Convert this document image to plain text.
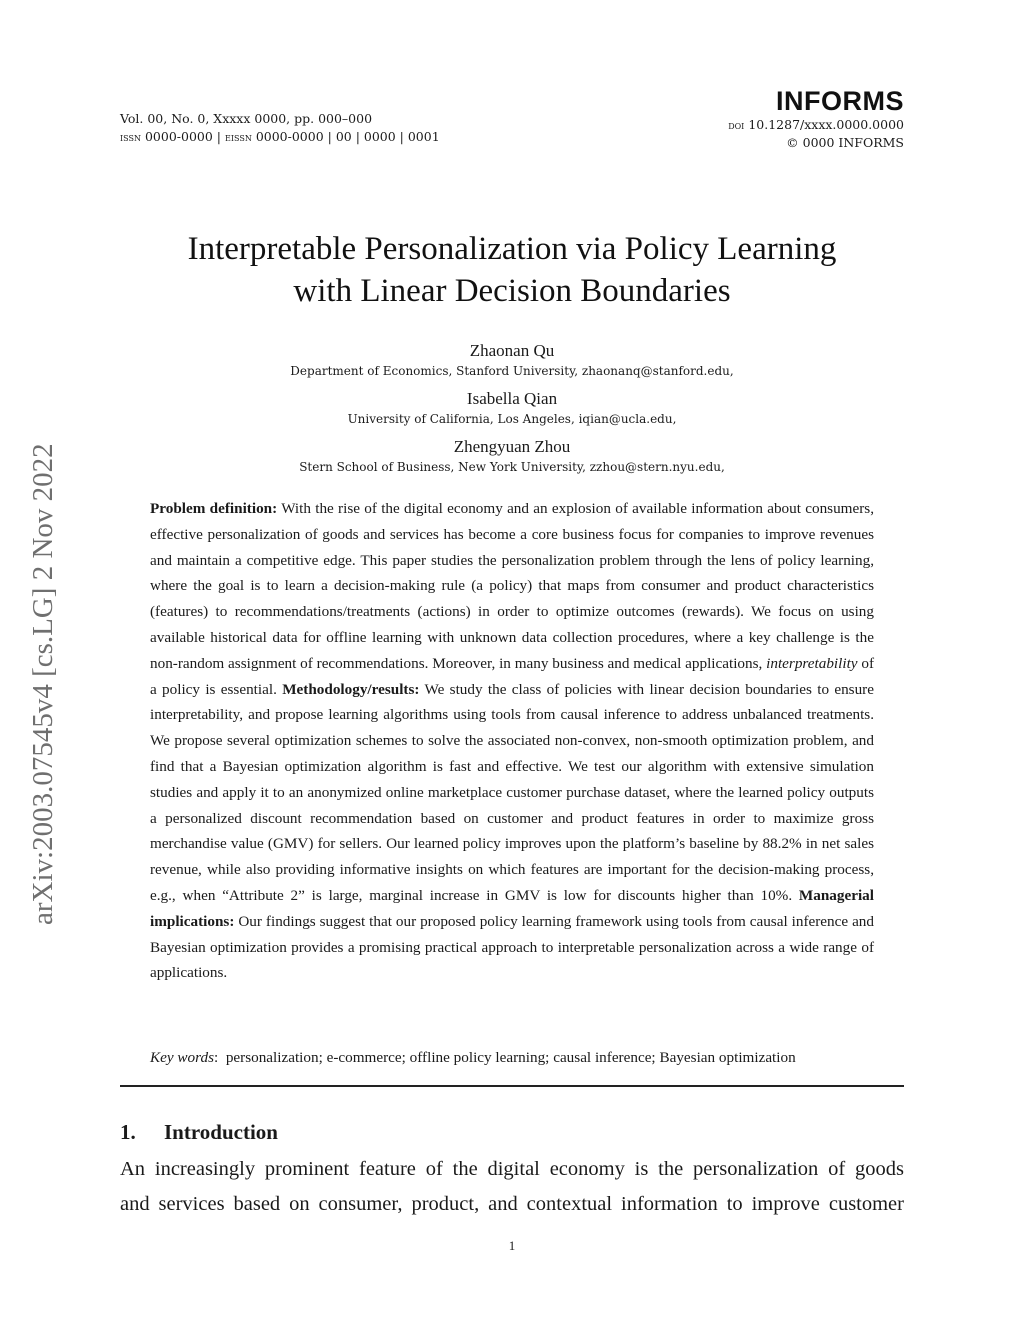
arXiv:2003.07545v4 [cs.LG] 2 Nov 2022
Vol. 00, No. 0, Xxxxx 0000, pp. 000–000
issn 0000-0000 | eissn 0000-0000 | 00 | 0000 | 0001
INFORMS
doi 10.1287/xxxx.0000.0000
© 0000 INFORMS
Interpretable Personalization via Policy Learning
with Linear Decision Boundaries
Zhaonan Qu
Department of Economics, Stanford University, zhaonanq@stanford.edu,
Isabella Qian
University of California, Los Angeles, iqian@ucla.edu,
Zhengyuan Zhou
Stern School of Business, New York University, zzhou@stern.nyu.edu,
Problem definition: With the rise of the digital economy and an explosion of available information about consumers, effective personalization of goods and services has become a core business focus for companies to improve revenues and maintain a competitive edge. This paper studies the personalization problem through the lens of policy learning, where the goal is to learn a decision-making rule (a policy) that maps from consumer and product characteristics (features) to recommendations/treatments (actions) in order to optimize outcomes (rewards). We focus on using available historical data for offline learning with unknown data collection procedures, where a key challenge is the non-random assignment of recommendations. Moreover, in many business and medical applications, interpretability of a policy is essential. Methodology/results: We study the class of policies with linear decision boundaries to ensure interpretability, and propose learning algorithms using tools from causal inference to address unbalanced treatments. We propose several optimization schemes to solve the associated non-convex, non-smooth optimization problem, and find that a Bayesian optimization algorithm is fast and effective. We test our algorithm with extensive simulation studies and apply it to an anonymized online marketplace customer purchase dataset, where the learned policy outputs a personalized discount recommendation based on customer and product features in order to maximize gross merchandise value (GMV) for sellers. Our learned policy improves upon the platform’s baseline by 88.2% in net sales revenue, while also providing informative insights on which features are important for the decision-making process, e.g., when “Attribute 2” is large, marginal increase in GMV is low for discounts higher than 10%. Managerial implications: Our findings suggest that our proposed policy learning framework using tools from causal inference and Bayesian optimization provides a promising practical approach to interpretable personalization across a wide range of applications.
Key words: personalization; e-commerce; offline policy learning; causal inference; Bayesian optimization
1. Introduction
An increasingly prominent feature of the digital economy is the personalization of goods
and services based on consumer, product, and contextual information to improve customer
1
